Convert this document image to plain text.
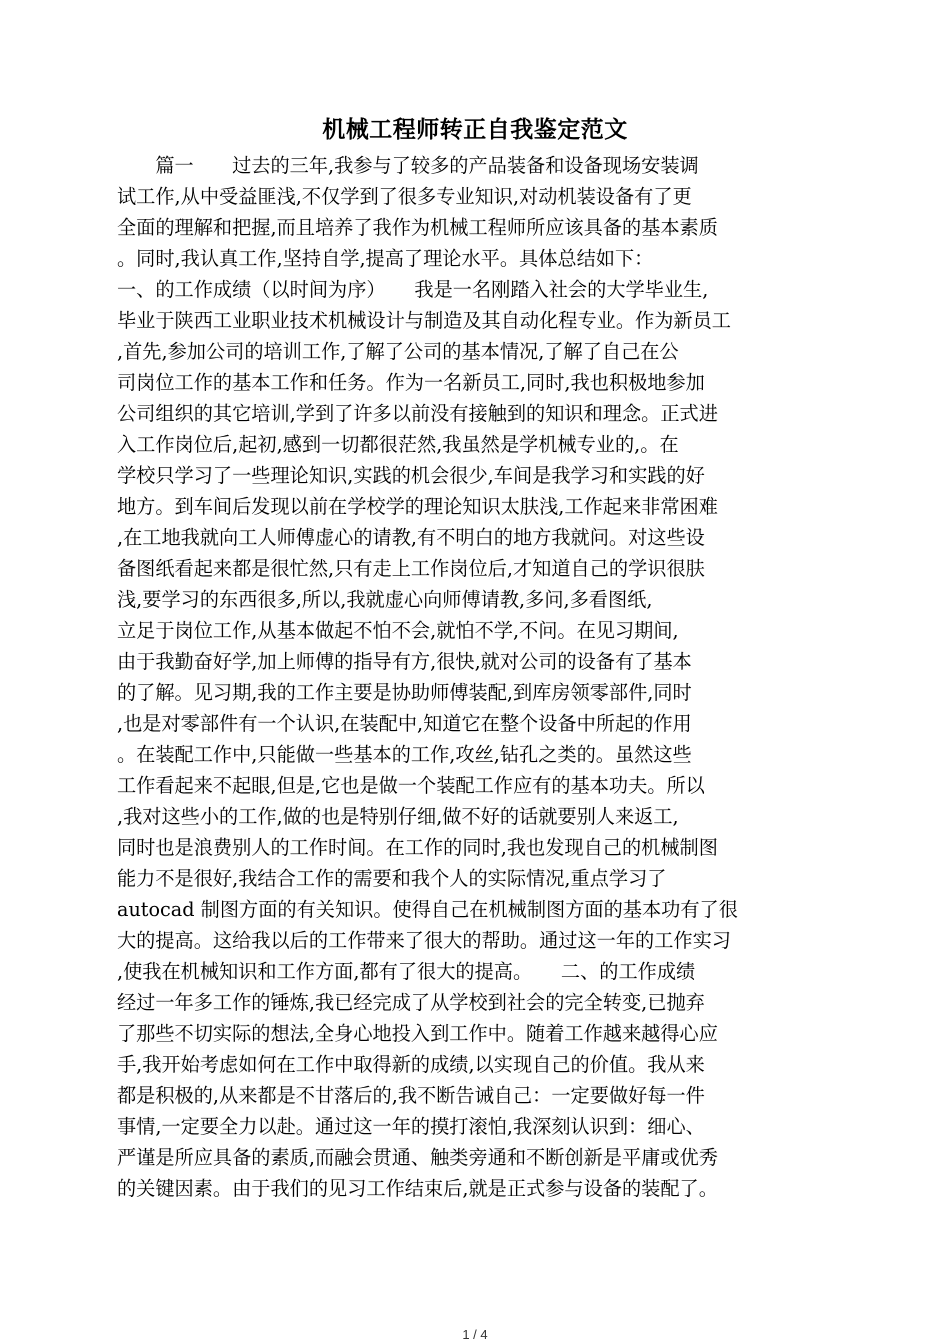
机械工程师转正自我鉴定范文
　　篇一　　过去的三年,我参与了较多的产品装备和设备现场安装调
试工作,从中受益匪浅,不仅学到了很多专业知识,对动机装设备有了更
全面的理解和把握,而且培养了我作为机械工程师所应该具备的基本素质
。同时,我认真工作,坚持自学,提高了理论水平。具体总结如下：
一、的工作成绩（以时间为序）　　我是一名刚踏入社会的大学毕业生,
毕业于陕西工业职业技术机械设计与制造及其自动化程专业。作为新员工
,首先,参加公司的培训工作,了解了公司的基本情况,了解了自己在公
司岗位工作的基本工作和任务。作为一名新员工,同时,我也积极地参加
公司组织的其它培训,学到了许多以前没有接触到的知识和理念。正式进
入工作岗位后,起初,感到一切都很茫然,我虽然是学机械专业的,。在
学校只学习了一些理论知识,实践的机会很少,车间是我学习和实践的好
地方。到车间后发现以前在学校学的理论知识太肤浅,工作起来非常困难
,在工地我就向工人师傅虚心的请教,有不明白的地方我就问。对这些设
备图纸看起来都是很忙然,只有走上工作岗位后,才知道自己的学识很肤
浅,要学习的东西很多,所以,我就虚心向师傅请教,多问,多看图纸,
立足于岗位工作,从基本做起不怕不会,就怕不学,不问。在见习期间,
由于我勤奋好学,加上师傅的指导有方,很快,就对公司的设备有了基本
的了解。见习期,我的工作主要是协助师傅装配,到库房领零部件,同时
,也是对零部件有一个认识,在装配中,知道它在整个设备中所起的作用
。在装配工作中,只能做一些基本的工作,攻丝,钻孔之类的。虽然这些
工作看起来不起眼,但是,它也是做一个装配工作应有的基本功夫。所以
,我对这些小的工作,做的也是特别仔细,做不好的话就要别人来返工,
同时也是浪费别人的工作时间。在工作的同时,我也发现自己的机械制图
能力不是很好,我结合工作的需要和我个人的实际情况,重点学习了
autocad 制图方面的有关知识。使得自己在机械制图方面的基本功有了很
大的提高。这给我以后的工作带来了很大的帮助。通过这一年的工作实习
,使我在机械知识和工作方面,都有了很大的提高。　　二、的工作成绩
经过一年多工作的锤炼,我已经完成了从学校到社会的完全转变,已抛弃
了那些不切实际的想法,全身心地投入到工作中。随着工作越来越得心应
手,我开始考虑如何在工作中取得新的成绩,以实现自己的价值。我从来
都是积极的,从来都是不甘落后的,我不断告诫自己：一定要做好每一件
事情,一定要全力以赴。通过这一年的摸打滚怕,我深刻认识到：细心、
严谨是所应具备的素质,而融会贯通、触类旁通和不断创新是平庸或优秀
的关键因素。由于我们的见习工作结束后,就是正式参与设备的装配了。
1 / 4
